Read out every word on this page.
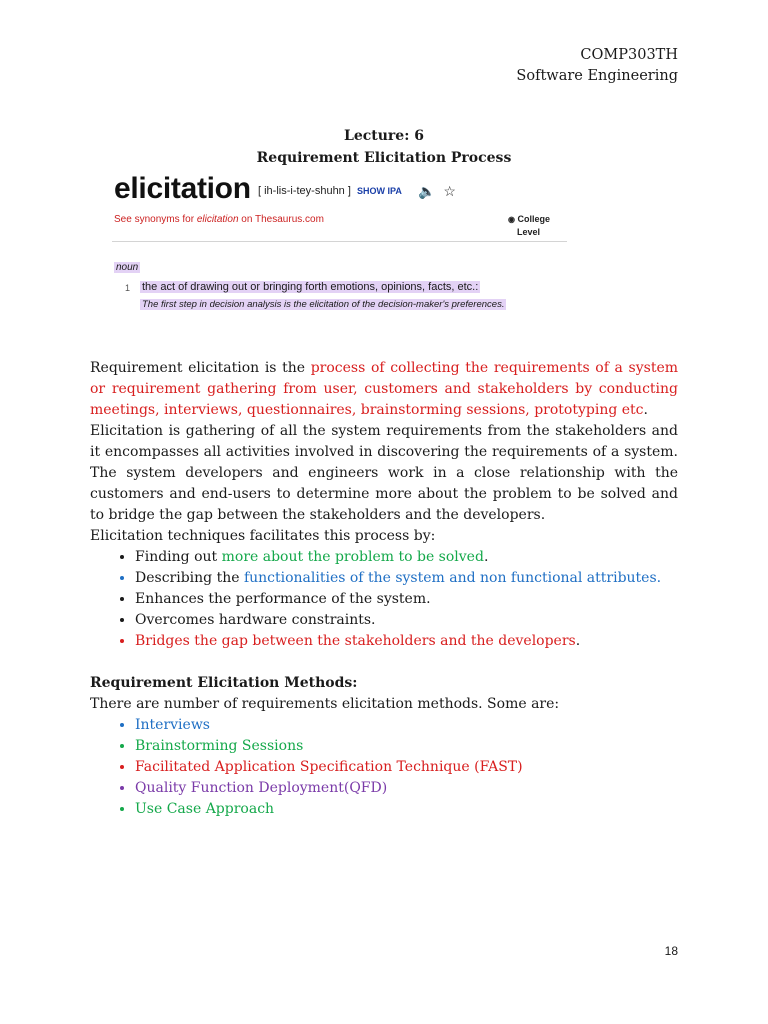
COMP303TH
Software Engineering
Lecture: 6
Requirement Elicitation Process
elicitation [ ih-lis-i-tey-shuhn ] SHOW IPA 🔈 ☆
See synonyms for elicitation on Thesaurus.com	◉ College
Level
noun
1 the act of drawing out or bringing forth emotions, opinions, facts, etc.:
The first step in decision analysis is the elicitation of the decision-maker's preferences.

Requirement elicitation is the process of collecting the requirements of a system or requirement gathering from user, customers and stakeholders by conducting meetings, interviews, questionnaires, brainstorming sessions, prototyping etc.

Elicitation is gathering of all the system requirements from the stakeholders and it encompasses all activities involved in discovering the requirements of a system. The system developers and engineers work in a close relationship with the customers and end-users to determine more about the problem to be solved and to bridge the gap between the stakeholders and the developers.

Elicitation techniques facilitates this process by:

• Finding out more about the problem to be solved.
• Describing the functionalities of the system and non functional attributes.
• Enhances the performance of the system.
• Overcomes hardware constraints.
• Bridges the gap between the stakeholders and the developers.

Requirement Elicitation Methods:

There are number of requirements elicitation methods. Some are:

• Interviews
• Brainstorming Sessions
• Facilitated Application Specification Technique (FAST)
• Quality Function Deployment(QFD)
• Use Case Approach
18
